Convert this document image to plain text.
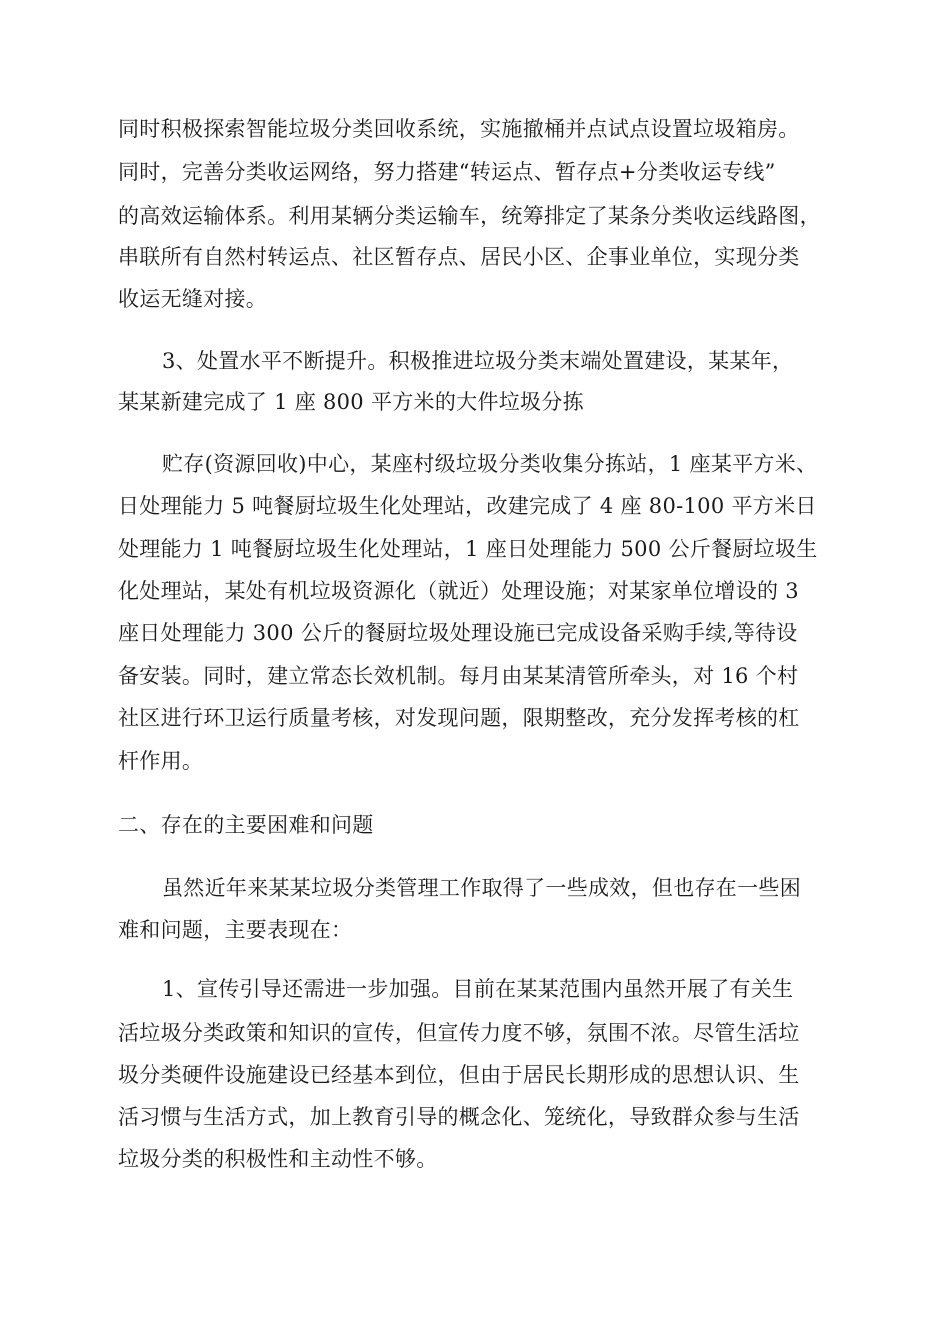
同时积极探索智能垃圾分类回收系统，实施撤桶并点试点设置垃圾箱房。
同时，完善分类收运网络，努力搭建“转运点、暂存点+分类收运专线”
的高效运输体系。利用某辆分类运输车，统筹排定了某条分类收运线路图，
串联所有自然村转运点、社区暂存点、居民小区、企事业单位，实现分类
收运无缝对接。
3、处置水平不断提升。积极推进垃圾分类末端处置建设，某某年，
某某新建完成了 1 座 800 平方米的大件垃圾分拣
贮存(资源回收)中心，某座村级垃圾分类收集分拣站，1 座某平方米、
日处理能力 5 吨餐厨垃圾生化处理站，改建完成了 4 座 80-100 平方米日
处理能力 1 吨餐厨垃圾生化处理站，1 座日处理能力 500 公斤餐厨垃圾生
化处理站，某处有机垃圾资源化（就近）处理设施；对某家单位增设的 3
座日处理能力 300 公斤的餐厨垃圾处理设施已完成设备采购手续,等待设
备安装。同时，建立常态长效机制。每月由某某清管所牵头，对 16 个村
社区进行环卫运行质量考核，对发现问题，限期整改，充分发挥考核的杠
杆作用。
二、存在的主要困难和问题
虽然近年来某某垃圾分类管理工作取得了一些成效，但也存在一些困
难和问题，主要表现在：
1、宣传引导还需进一步加强。目前在某某范围内虽然开展了有关生
活垃圾分类政策和知识的宣传，但宣传力度不够，氛围不浓。尽管生活垃
圾分类硬件设施建设已经基本到位，但由于居民长期形成的思想认识、生
活习惯与生活方式，加上教育引导的概念化、笼统化，导致群众参与生活
垃圾分类的积极性和主动性不够。
